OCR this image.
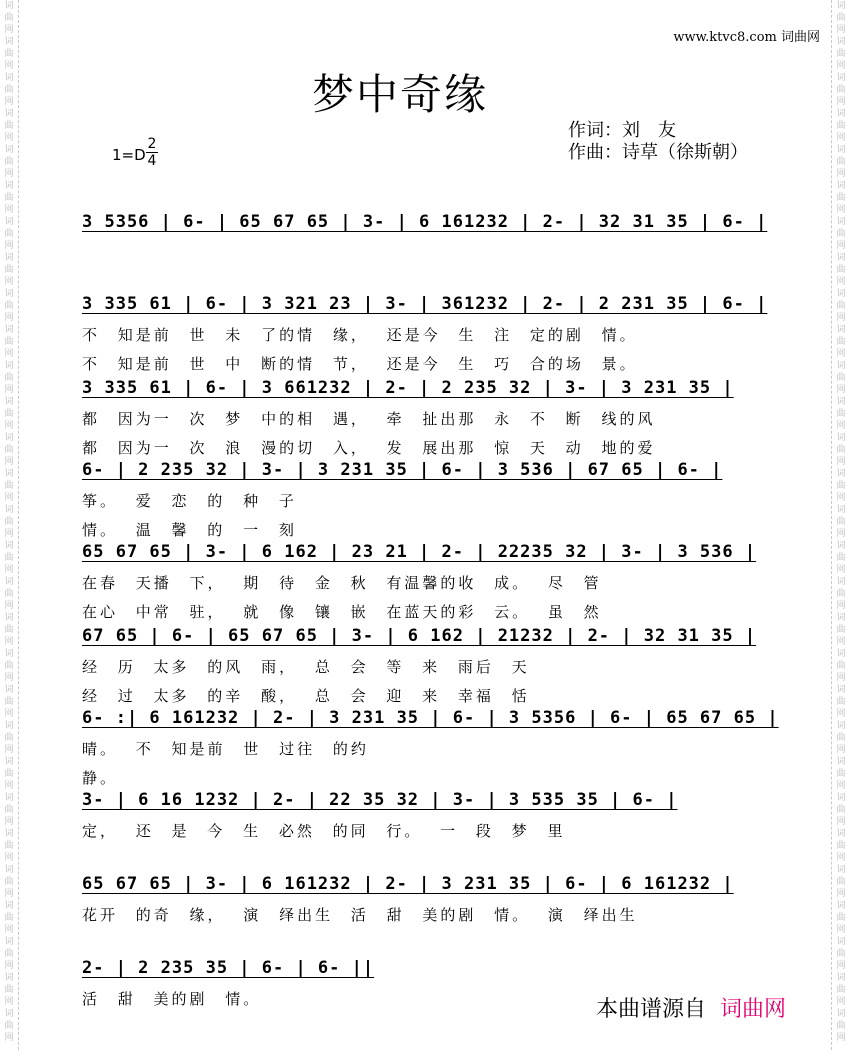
词
曲
网
词
曲
网
词
曲
网
词
曲
网
词
曲
网
词
曲
网
词
曲
网
词
曲
网
词
曲
网
词
曲
网
词
曲
网
词
曲
网
词
曲
网
词
曲
网
词
曲
网
词
曲
网
词
曲
网
词
曲
网
词
曲
网
词
曲
网
词
曲
网
词
曲
网
词
曲
网
词
曲
网
词
曲
网
词
曲
网
词
曲
网
词
曲
网
词
曲
网
词
曲
网
词
曲
网
词
曲
网
词
曲
网
词
曲
网
词
曲
网
词
曲
网
词
曲
网
词
曲
网
词
曲
网
词
曲
网
词
曲
网
词
曲
网
词
曲
网
词
曲
网
词
曲
网
词
曲
网
词
曲
网
词
曲
网
词
曲
网
词
曲
网
词
曲
网
词
曲
网
词
曲
网
词
曲
网
词
曲
网
词
曲
网
词
曲
网
词
曲
网
www.ktvc8.com 词曲网
梦中奇缘
$1=D \frac{2}{4}$
作词：刘　友
作曲：诗草（徐斯朝）
3 5356 | 6- | 65 67 65 | 3- | 6 161232 | 2- | 32 31 35 | 6- |
3 335 61 | 6- | 3 321 23 | 3- | 361232 | 2- | 2 231 35 | 6- |
不 知是前 世 未 了的情 缘， 还是今 生 注 定的剧 情。
不 知是前 世 中 断的情 节， 还是今 生 巧 合的场 景。
3 335 61 | 6- | 3 661232 | 2- | 2 235 32 | 3- | 3 231 35 |
都 因为一 次 梦 中的相 遇， 牵 扯出那 永 不 断 线的风
都 因为一 次 浪 漫的切 入， 发 展出那 惊 天 动 地的爱
6- | 2 235 32 | 3- | 3 231 35 | 6- | 3 536 | 67 65 | 6- |
筝。 爱 恋 的 种 子
情。 温 馨 的 一 刻
65 67 65 | 3- | 6 162 | 23 21 | 2- | 22235 32 | 3- | 3 536 |
在春 天播 下， 期 待 金 秋 有温馨的收 成。 尽 管
在心 中常 驻， 就 像 镶 嵌 在蓝天的彩 云。 虽 然
67 65 | 6- | 65 67 65 | 3- | 6 162 | 21232 | 2- | 32 31 35 |
经 历 太多 的风 雨， 总 会 等 来 雨后 天
经 过 太多 的辛 酸， 总 会 迎 来 幸福 恬
6- :| 6 161232 | 2- | 3 231 35 | 6- | 3 5356 | 6- | 65 67 65 |
晴。 不 知是前 世 过往 的约
静。
3- | 6 16 1232 | 2- | 22 35 32 | 3- | 3 535 35 | 6- |
定， 还 是 今 生 必然 的同 行。 一 段 梦 里
65 67 65 | 3- | 6 161232 | 2- | 3 231 35 | 6- | 6 161232 |
花开 的奇 缘， 演 绎出生 活 甜 美的剧 情。 演 绎出生
2- | 2 235 35 | 6- | 6- ||
活 甜 美的剧 情。	本曲谱源自 词曲网
